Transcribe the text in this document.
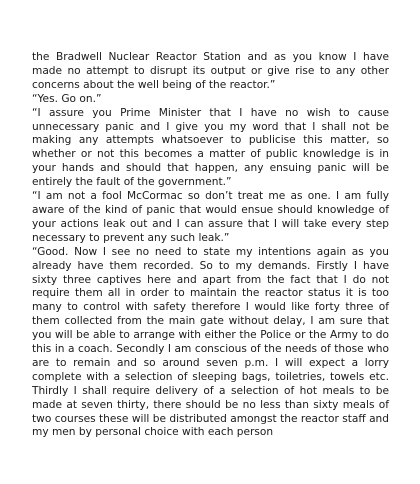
the Bradwell Nuclear Reactor Station and as you know I have made no attempt to disrupt its output or give rise to any other concerns about the well being of the reactor.”

“Yes. Go on.”

“I assure you Prime Minister that I have no wish to cause unnecessary panic and I give you my word that I shall not be making any attempts whatsoever to publicise this matter, so whether or not this becomes a matter of public knowledge is in your hands and should that happen, any ensuing panic will be entirely the fault of the government.”

“I am not a fool McCormac so don’t treat me as one. I am fully aware of the kind of panic that would ensue should knowledge of your actions leak out and I can assure that I will take every step necessary to prevent any such leak.”

“Good. Now I see no need to state my intentions again as you already have them recorded. So to my demands. Firstly I have sixty three captives here and apart from the fact that I do not require them all in order to maintain the reactor status it is too many to control with safety therefore I would like forty three of them collected from the main gate without delay, I am sure that you will be able to arrange with either the Police or the Army to do this in a coach. Secondly I am conscious of the needs of those who are to remain and so around seven p.m. I will expect a lorry complete with a selection of sleeping bags, toiletries, towels etc. Thirdly I shall require delivery of a selection of hot meals to be made at seven thirty, there should be no less than sixty meals of two courses these will be distributed amongst the reactor staff and my men by personal choice with each person
